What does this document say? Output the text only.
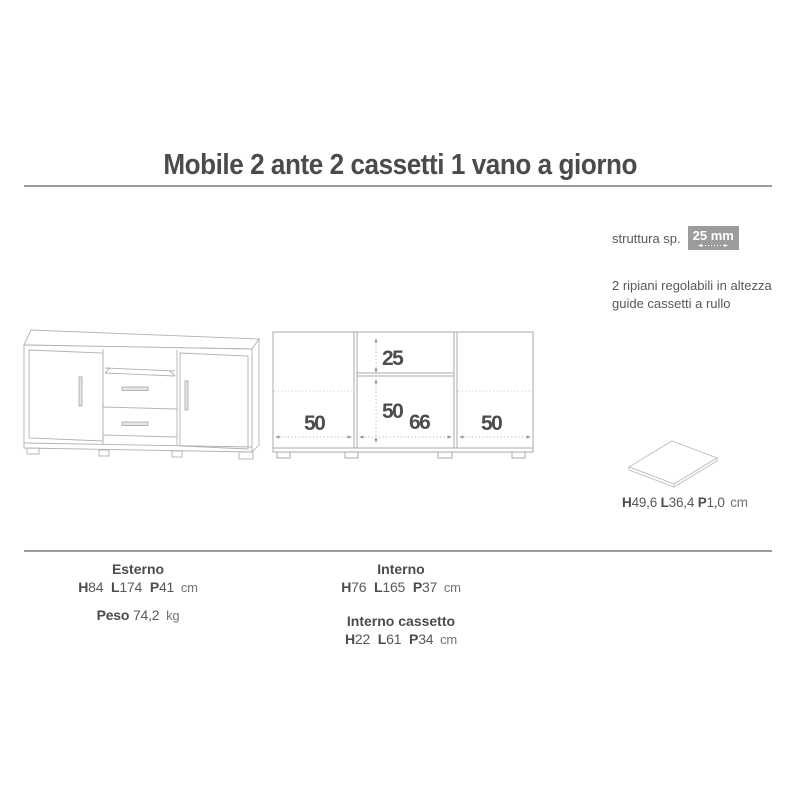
Mobile 2 ante 2 cassetti 1 vano a giorno
struttura sp. 25 mm
2 ripiani regolabili in altezza
guide cassetti a rullo
25
50 66
50	50
H49,6 L36,4 P1,0 cm
Esterno
H84 L174 P41 cm
Peso 74,2 kg
Interno
H76 L165 P37 cm
Interno cassetto
H22 L61 P34 cm
